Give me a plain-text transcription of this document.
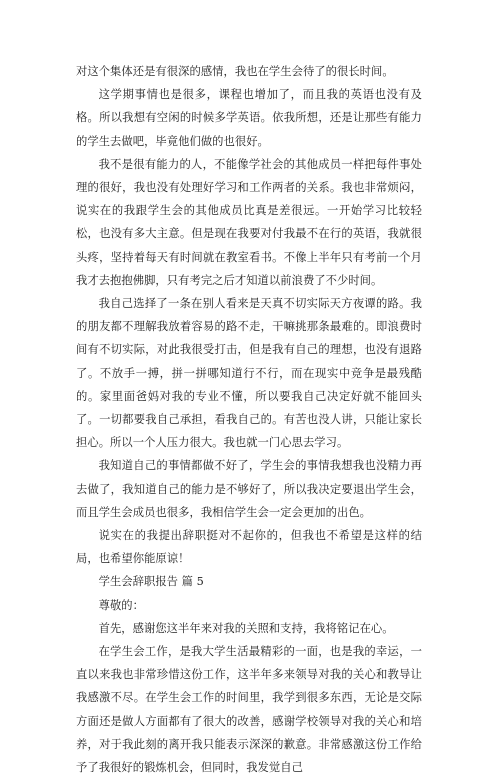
对这个集体还是有很深的感情，我也在学生会待了的很长时间。

这学期事情也是很多，课程也增加了，而且我的英语也没有及格。所以我想有空闲的时候多学英语。依我所想，还是让那些有能力的学生去做吧，毕竟他们做的也很好。

我不是很有能力的人，不能像学社会的其他成员一样把每件事处理的很好，我也没有处理好学习和工作两者的关系。我也非常烦闷，说实在的我跟学生会的其他成员比真是差很远。一开始学习比较轻松，也没有多大主意。但是现在我要对付我最不在行的英语，我就很头疼，坚持着每天有时间就在教室看书。不像上半年只有考前一个月我才去抱抱佛脚，只有考完之后才知道以前浪费了不少时间。

我自己选择了一条在别人看来是天真不切实际天方夜谭的路。我的朋友都不理解我放着容易的路不走，干嘛挑那条最难的。即浪费时间有不切实际，对此我很受打击，但是我有自己的理想，也没有退路了。不放手一搏，拼一拼哪知道行不行，而在现实中竞争是最残酷的。家里面爸妈对我的专业不懂，所以要我自己决定好就不能回头了。一切都要我自己承担，看我自己的。有苦也没人讲，只能让家长担心。所以一个人压力很大。我也就一门心思去学习。

我知道自己的事情都做不好了，学生会的事情我想我也没精力再去做了，我知道自己的能力是不够好了，所以我决定要退出学生会，而且学生会成员也很多，我相信学生会一定会更加的出色。

说实在的我提出辞职挺对不起你的，但我也不希望是这样的结局，也希望你能原谅！

学生会辞职报告 篇 5

尊敬的：

首先，感谢您这半年来对我的关照和支持，我将铭记在心。

在学生会工作，是我大学生活最精彩的一面，也是我的幸运，一直以来我也非常珍惜这份工作，这半年多来领导对我的关心和教导让我感激不尽。在学生会工作的时间里，我学到很多东西，无论是交际方面还是做人方面都有了很大的改善，感谢学校领导对我的关心和培养，对于我此刻的离开我只能表示深深的歉意。非常感激这份工作给予了我很好的锻炼机会，但同时，我发觉自己
